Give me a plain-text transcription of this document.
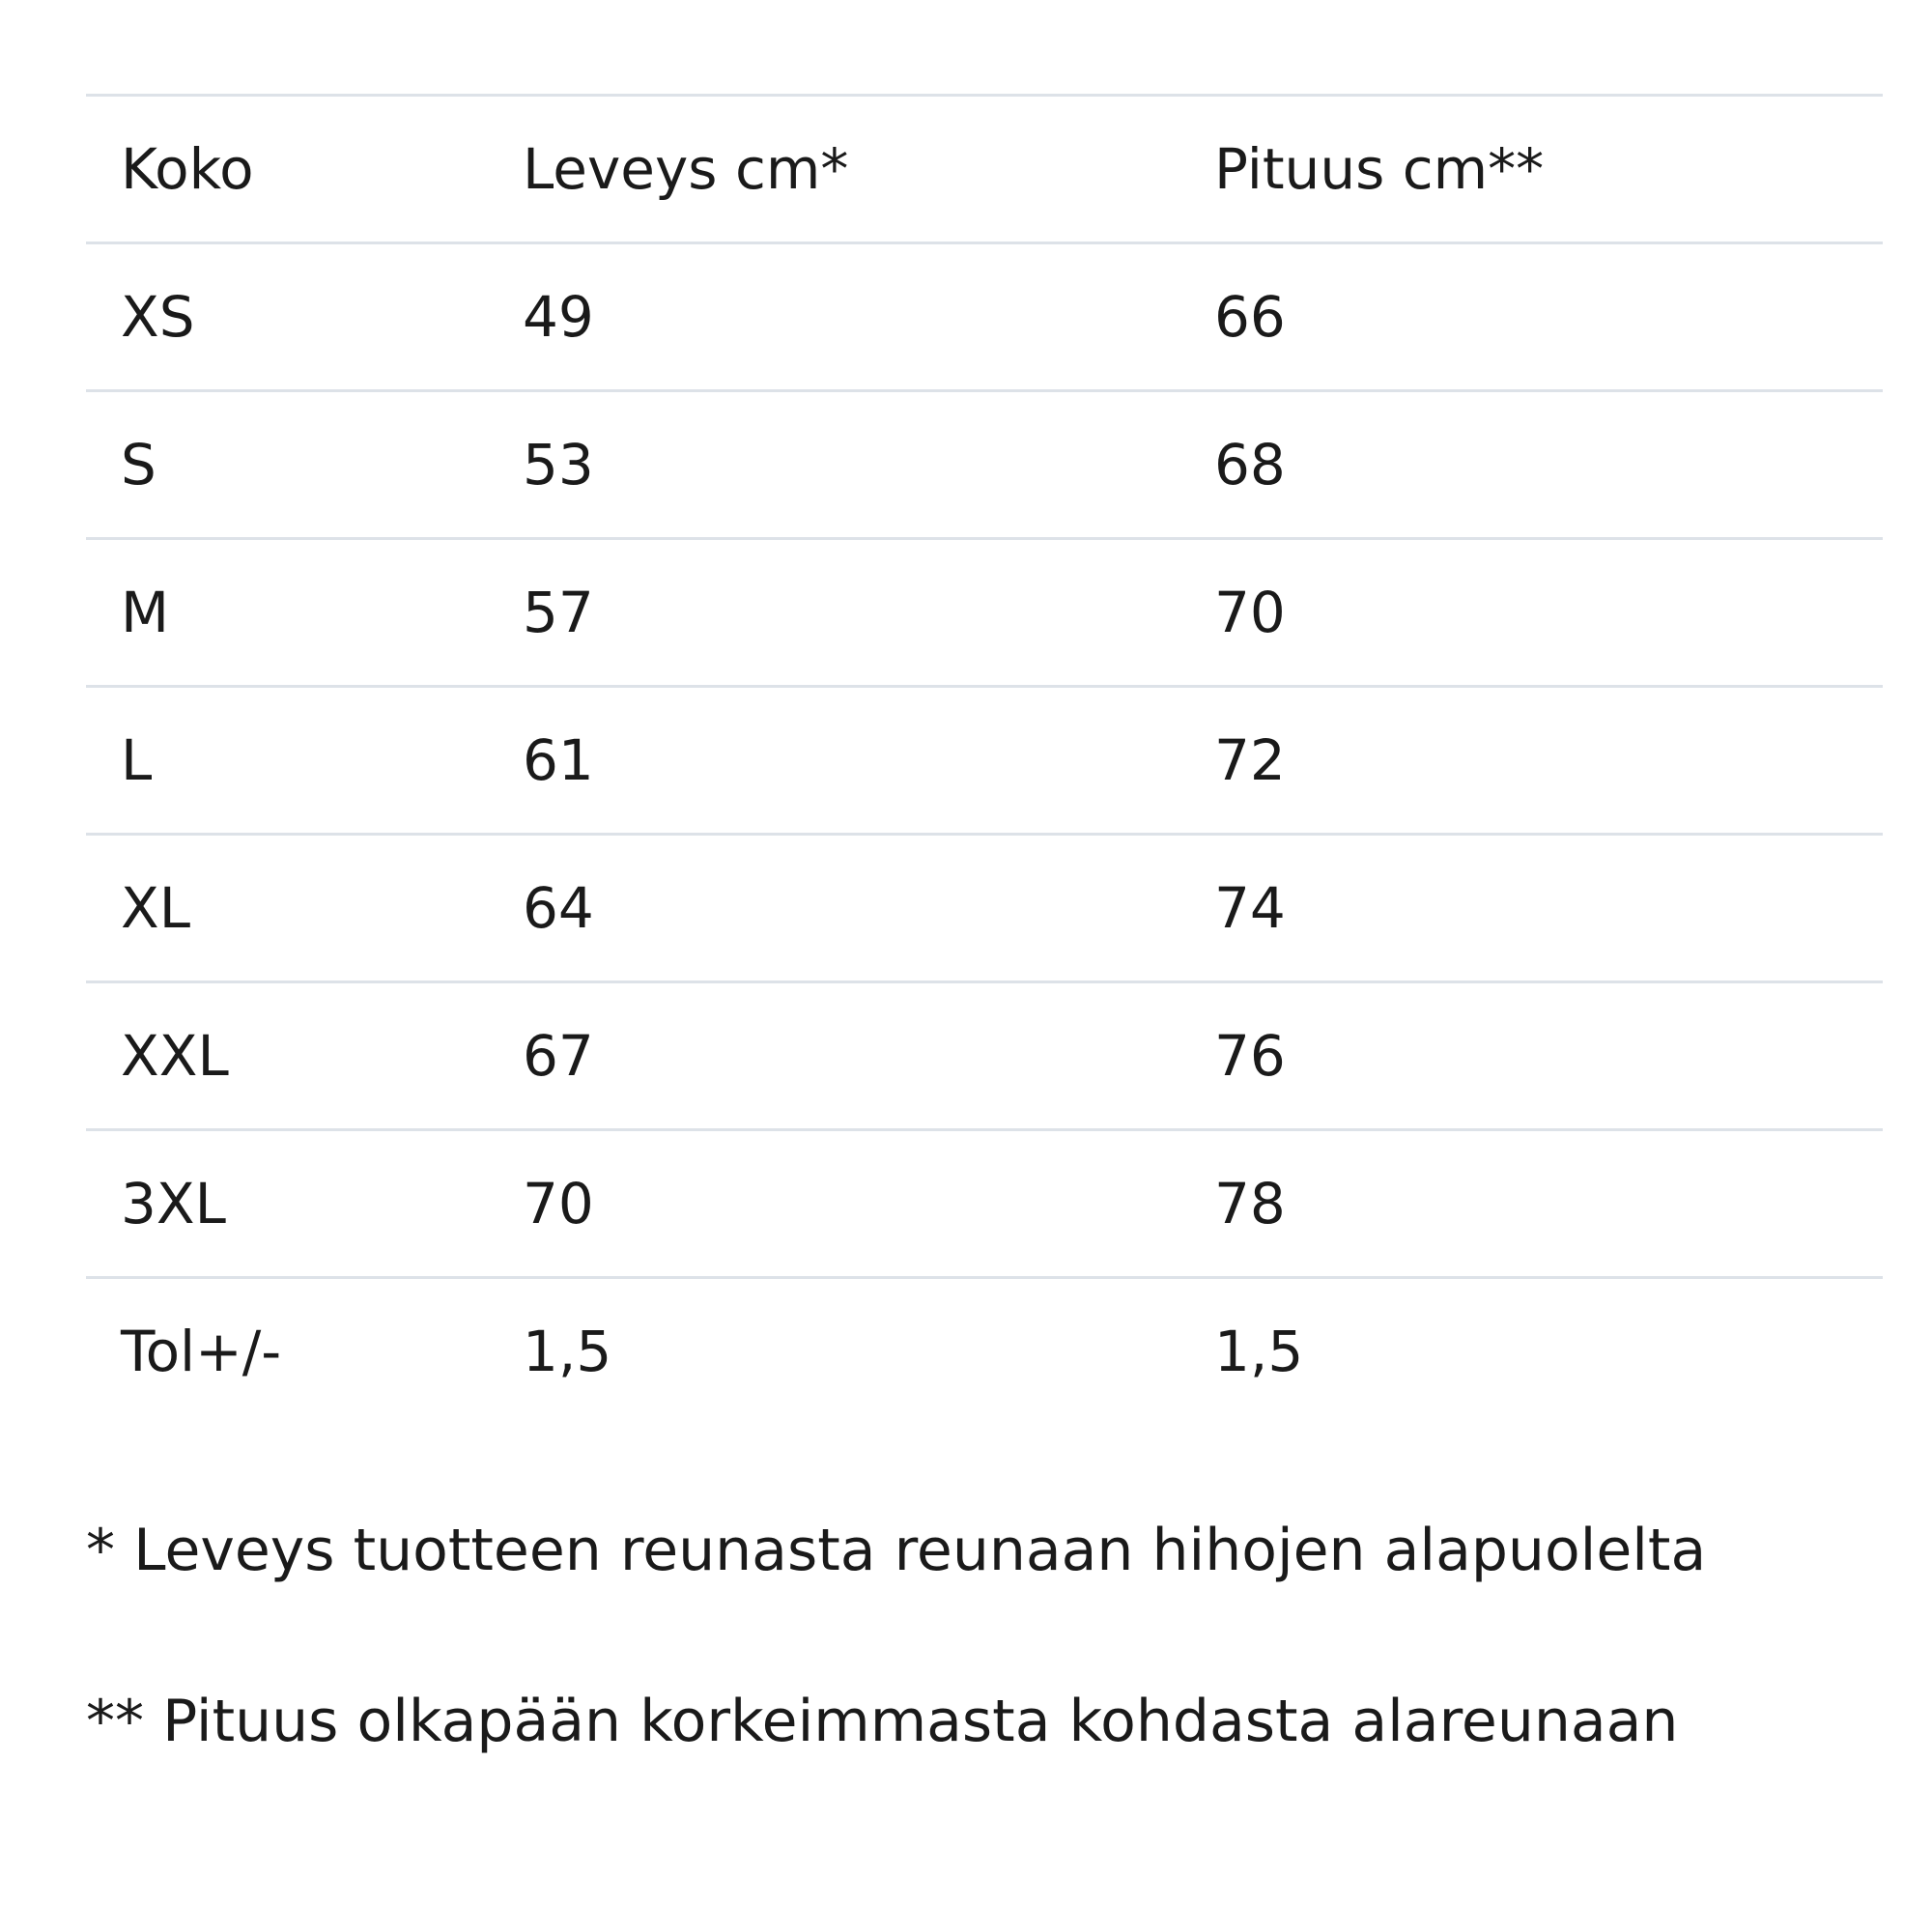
Koko	Leveys cm*	Pituus cm**
XS	49	66
S	53	68
M	57	70
L	61	72
XL	64	74
XXL	67	76
3XL	70	78
Tol+/-	1,5	1,5

* Leveys tuotteen reunasta reunaan hihojen alapuolelta

** Pituus olkapään korkeimmasta kohdasta alareunaan
